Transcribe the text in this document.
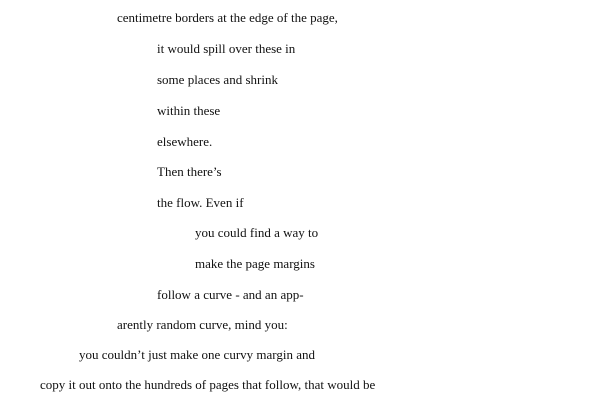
centimetre borders at the edge of the page,

it would spill over these in

some places and shrink

within these

elsewhere.

Then there’s

the flow. Even if

you could find a way to

make the page margins

follow a curve - and an app-

arently random curve, mind you:

you couldn’t just make one curvy margin and

copy it out onto the hundreds of pages that follow, that would be
